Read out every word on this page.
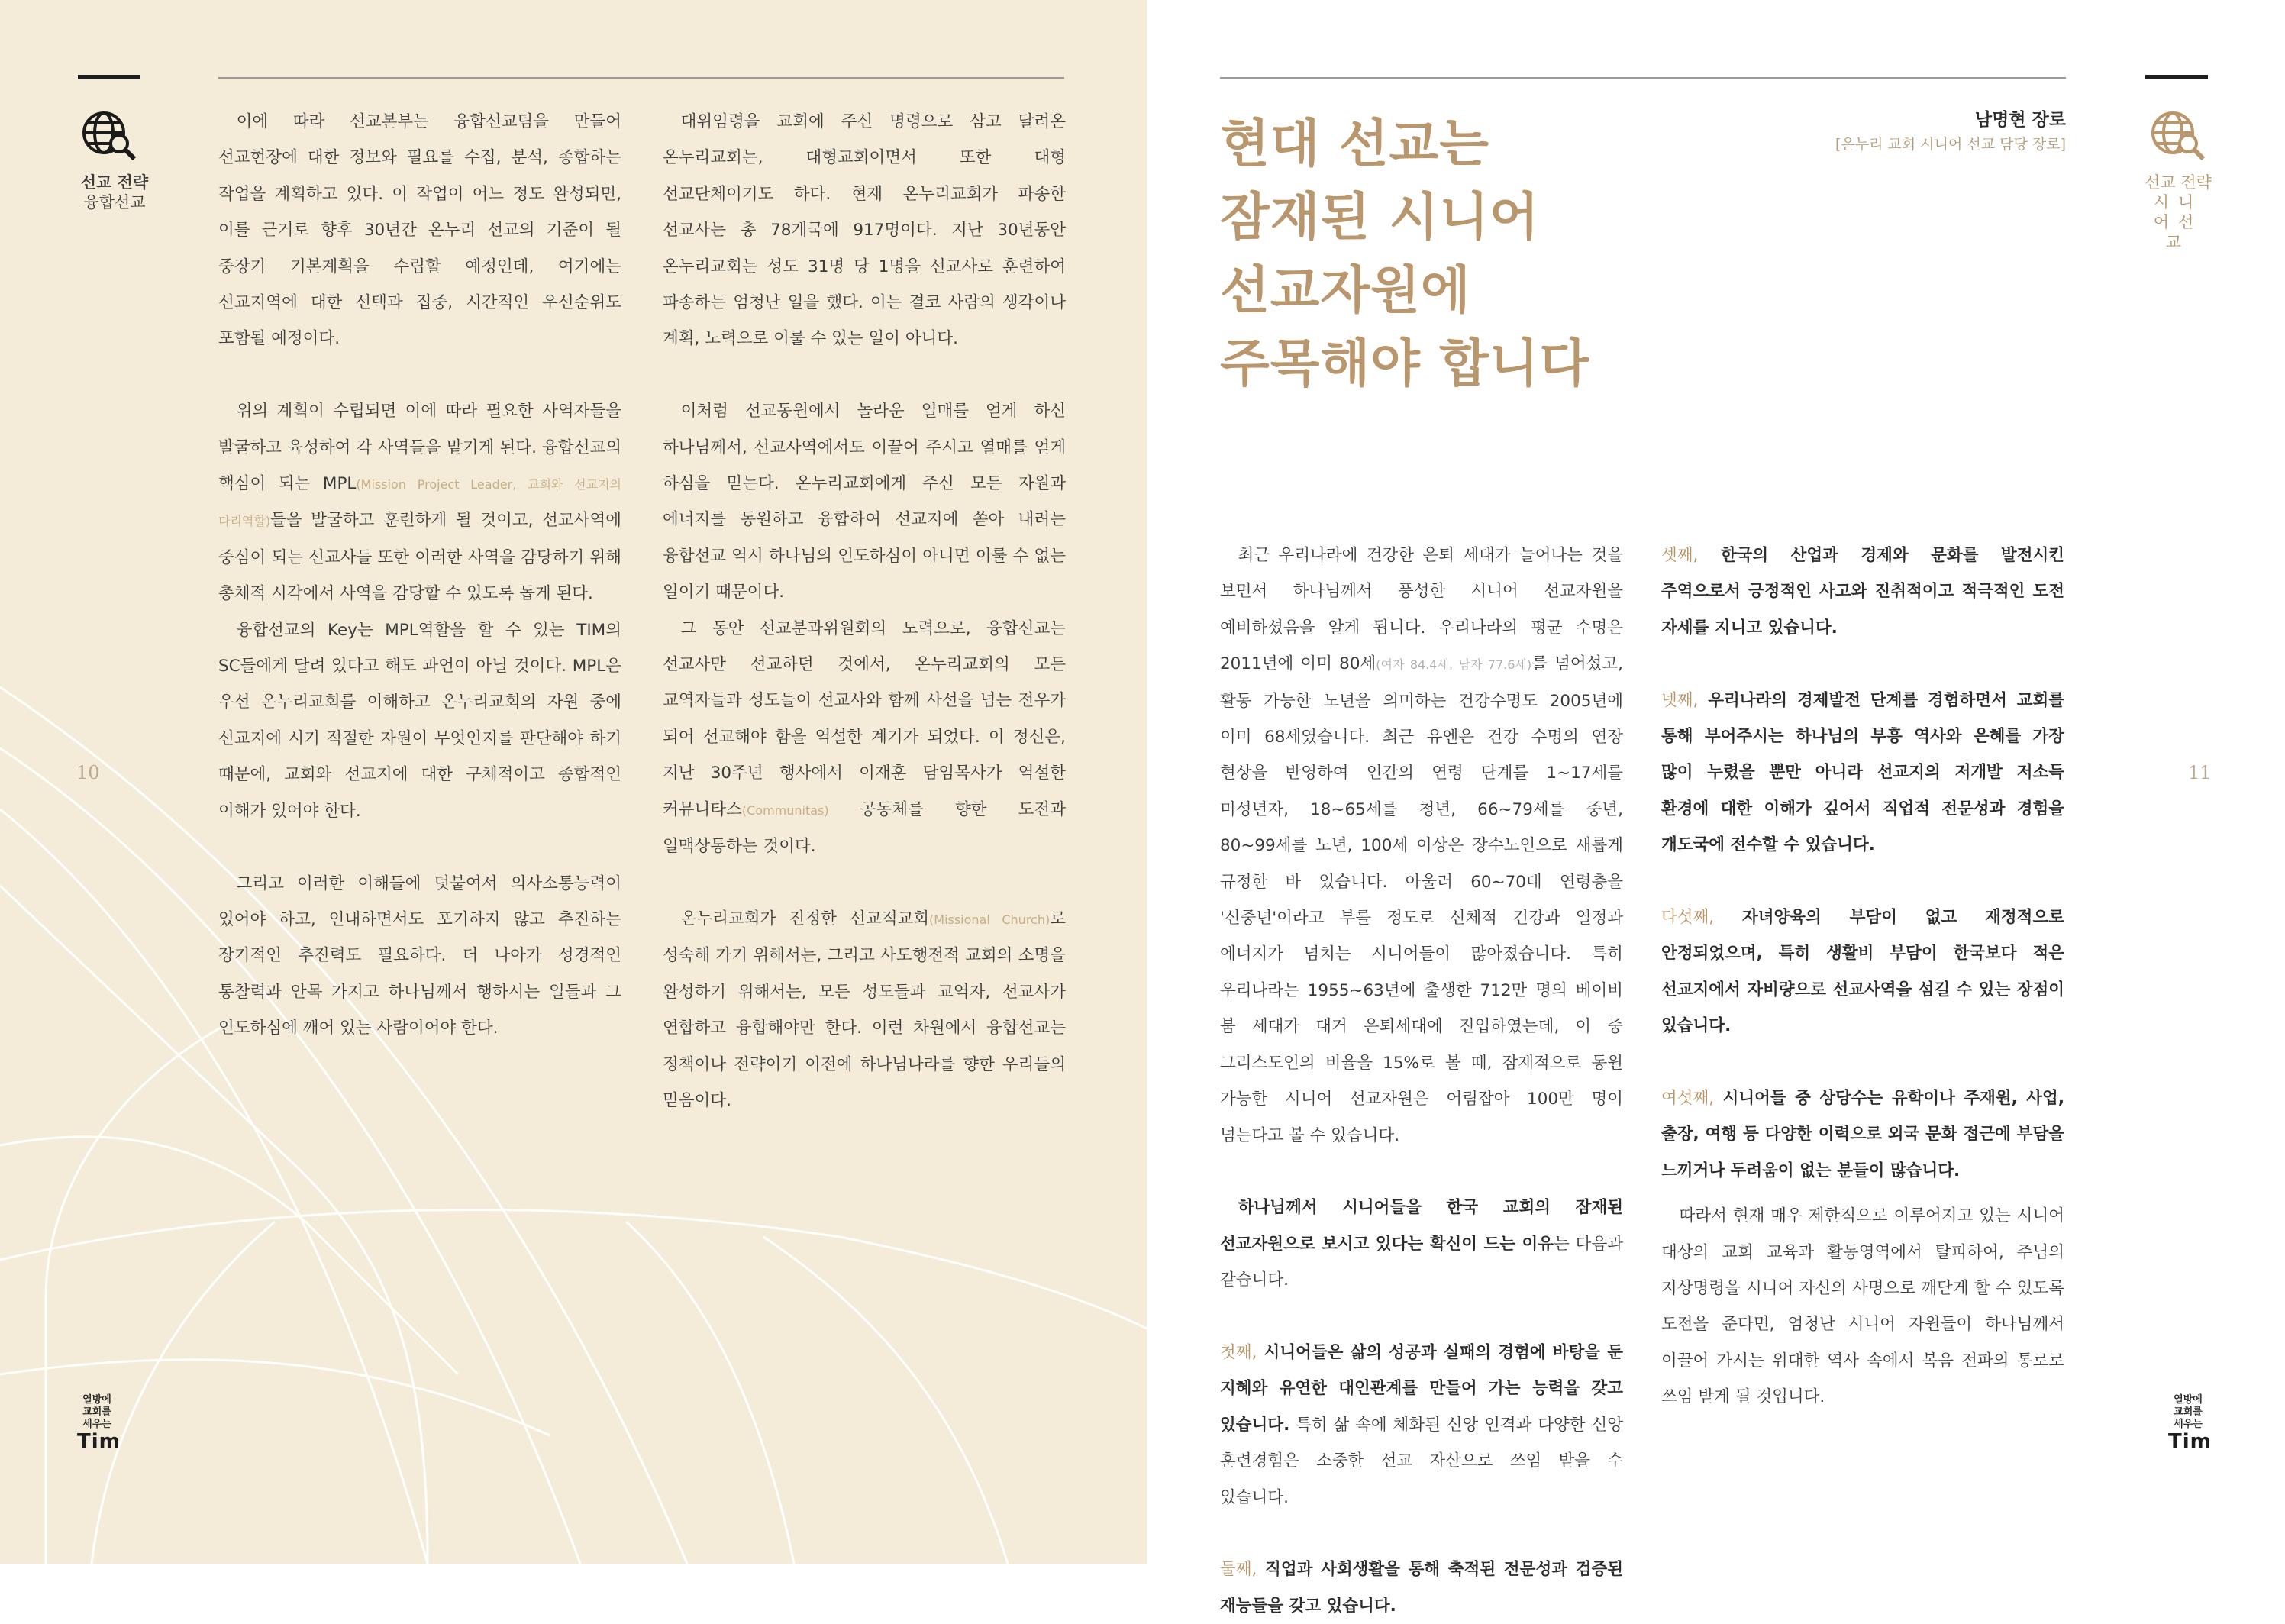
선교 전략
융합선교
10
열방에
교회를
세우는
Tim

이에 따라 선교본부는 융합선교팀을 만들어 선교현장에 대한 정보와 필요를 수집, 분석, 종합하는 작업을 계획하고 있다. 이 작업이 어느 정도 완성되면, 이를 근거로 향후 30년간 온누리 선교의 기준이 될 중장기 기본계획을 수립할 예정인데, 여기에는 선교지역에 대한 선택과 집중, 시간적인 우선순위도 포함될 예정이다.

위의 계획이 수립되면 이에 따라 필요한 사역자들을 발굴하고 육성하여 각 사역들을 맡기게 된다. 융합선교의 핵심이 되는 MPL(Mission Project Leader, 교회와 선교지의 다리역할)들을 발굴하고 훈련하게 될 것이고, 선교사역에 중심이 되는 선교사들 또한 이러한 사역을 감당하기 위해 총체적 시각에서 사역을 감당할 수 있도록 돕게 된다.

융합선교의 Key는 MPL역할을 할 수 있는 TIM의 SC들에게 달려 있다고 해도 과언이 아닐 것이다. MPL은 우선 온누리교회를 이해하고 온누리교회의 자원 중에 선교지에 시기 적절한 자원이 무엇인지를 판단해야 하기 때문에, 교회와 선교지에 대한 구체적이고 종합적인 이해가 있어야 한다.

그리고 이러한 이해들에 덧붙여서 의사소통능력이 있어야 하고, 인내하면서도 포기하지 않고 추진하는 장기적인 추진력도 필요하다. 더 나아가 성경적인 통찰력과 안목 가지고 하나님께서 행하시는 일들과 그 인도하심에 깨어 있는 사람이어야 한다.

대위임령을 교회에 주신 명령으로 삼고 달려온 온누리교회는, 대형교회이면서 또한 대형 선교단체이기도 하다. 현재 온누리교회가 파송한 선교사는 총 78개국에 917명이다. 지난 30년동안 온누리교회는 성도 31명 당 1명을 선교사로 훈련하여 파송하는 엄청난 일을 했다. 이는 결코 사람의 생각이나 계획, 노력으로 이룰 수 있는 일이 아니다.

이처럼 선교동원에서 놀라운 열매를 얻게 하신 하나님께서, 선교사역에서도 이끌어 주시고 열매를 얻게 하심을 믿는다. 온누리교회에게 주신 모든 자원과 에너지를 동원하고 융합하여 선교지에 쏟아 내려는 융합선교 역시 하나님의 인도하심이 아니면 이룰 수 없는 일이기 때문이다.

그 동안 선교분과위원회의 노력으로, 융합선교는 선교사만 선교하던 것에서, 온누리교회의 모든 교역자들과 성도들이 선교사와 함께 사선을 넘는 전우가 되어 선교해야 함을 역설한 계기가 되었다. 이 정신은, 지난 30주년 행사에서 이재훈 담임목사가 역설한 커뮤니타스(Communitas) 공동체를 향한 도전과 일맥상통하는 것이다.

온누리교회가 진정한 선교적교회(Missional Church)로 성숙해 가기 위해서는, 그리고 사도행전적 교회의 소명을 완성하기 위해서는, 모든 성도들과 교역자, 선교사가 연합하고 융합해야만 한다. 이런 차원에서 융합선교는 정책이나 전략이기 이전에 하나님나라를 향한 우리들의 믿음이다.

남명현 장로
[온누리 교회 시니어 선교 담당 장로]
선교 전략
시니어선교
11
열방에
교회를
세우는
Tim
현대 선교는
잠재된 시니어
선교자원에
주목해야 합니다

최근 우리나라에 건강한 은퇴 세대가 늘어나는 것을 보면서 하나님께서 풍성한 시니어 선교자원을 예비하셨음을 알게 됩니다. 우리나라의 평균 수명은 2011년에 이미 80세(여자 84.4세, 남자 77.6세)를 넘어섰고, 활동 가능한 노년을 의미하는 건강수명도 2005년에 이미 68세였습니다. 최근 유엔은 건강 수명의 연장 현상을 반영하여 인간의 연령 단계를 1~17세를 미성년자, 18~65세를 청년, 66~79세를 중년, 80~99세를 노년, 100세 이상은 장수노인으로 새롭게 규정한 바 있습니다. 아울러 60~70대 연령층을 '신중년'이라고 부를 정도로 신체적 건강과 열정과 에너지가 넘치는 시니어들이 많아졌습니다. 특히 우리나라는 1955~63년에 출생한 712만 명의 베이비 붐 세대가 대거 은퇴세대에 진입하였는데, 이 중 그리스도인의 비율을 15%로 볼 때, 잠재적으로 동원 가능한 시니어 선교자원은 어림잡아 100만 명이 넘는다고 볼 수 있습니다.

하나님께서 시니어들을 한국 교회의 잠재된 선교자원으로 보시고 있다는 확신이 드는 이유는 다음과 같습니다.

첫째, 시니어들은 삶의 성공과 실패의 경험에 바탕을 둔 지혜와 유연한 대인관계를 만들어 가는 능력을 갖고 있습니다. 특히 삶 속에 체화된 신앙 인격과 다양한 신앙 훈련경험은 소중한 선교 자산으로 쓰임 받을 수 있습니다.

둘째, 직업과 사회생활을 통해 축적된 전문성과 검증된 재능들을 갖고 있습니다.

셋째, 한국의 산업과 경제와 문화를 발전시킨 주역으로서 긍정적인 사고와 진취적이고 적극적인 도전 자세를 지니고 있습니다.

넷째, 우리나라의 경제발전 단계를 경험하면서 교회를 통해 부어주시는 하나님의 부흥 역사와 은혜를 가장 많이 누렸을 뿐만 아니라 선교지의 저개발 저소득 환경에 대한 이해가 깊어서 직업적 전문성과 경험을 개도국에 전수할 수 있습니다.

다섯째, 자녀양육의 부담이 없고 재정적으로 안정되었으며, 특히 생활비 부담이 한국보다 적은 선교지에서 자비량으로 선교사역을 섬길 수 있는 장점이 있습니다.

여섯째, 시니어들 중 상당수는 유학이나 주재원, 사업, 출장, 여행 등 다양한 이력으로 외국 문화 접근에 부담을 느끼거나 두려움이 없는 분들이 많습니다.

따라서 현재 매우 제한적으로 이루어지고 있는 시니어 대상의 교회 교육과 활동영역에서 탈피하여, 주님의 지상명령을 시니어 자신의 사명으로 깨닫게 할 수 있도록 도전을 준다면, 엄청난 시니어 자원들이 하나님께서 이끌어 가시는 위대한 역사 속에서 복음 전파의 통로로 쓰임 받게 될 것입니다.
